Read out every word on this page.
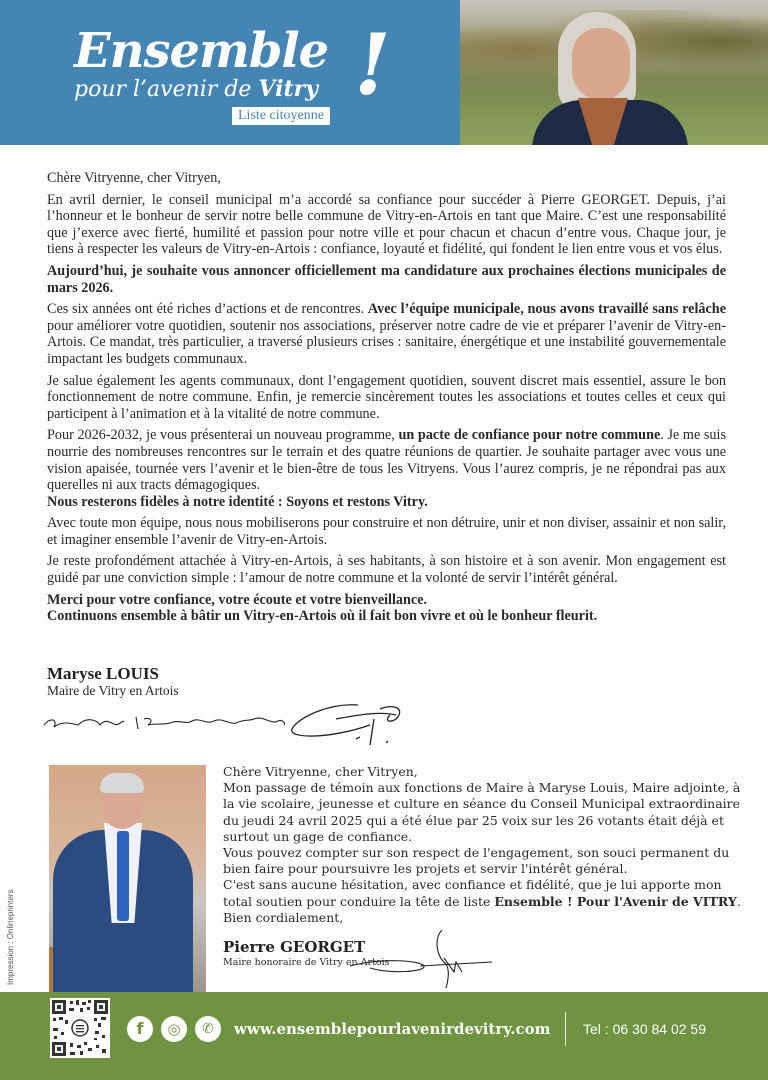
Ensemble
pour l’avenir de Vitry !
Liste citoyenne

Chère Vitryenne, cher Vitryen,

En avril dernier, le conseil municipal m’a accordé sa confiance pour succéder à Pierre GEORGET. Depuis, j’ai l’honneur et le bonheur de servir notre belle commune de Vitry-en-Artois en tant que Maire. C’est une responsabilité que j’exerce avec fierté, humilité et passion pour notre ville et pour chacun et chacun d’entre vous. Chaque jour, je tiens à respecter les valeurs de Vitry-en-Artois : confiance, loyauté et fidélité, qui fondent le lien entre vous et vos élus.

Aujourd’hui, je souhaite vous annoncer officiellement ma candidature aux prochaines élections municipales de mars 2026.

Ces six années ont été riches d’actions et de rencontres. Avec l’équipe municipale, nous avons travaillé sans relâche pour améliorer votre quotidien, soutenir nos associations, préserver notre cadre de vie et préparer l’avenir de Vitry-en-Artois. Ce mandat, très particulier, a traversé plusieurs crises : sanitaire, énergétique et une instabilité gouvernementale impactant les budgets communaux.

Je salue également les agents communaux, dont l’engagement quotidien, souvent discret mais essentiel, assure le bon fonctionnement de notre commune. Enfin, je remercie sincèrement toutes les associations et toutes celles et ceux qui participent à l’animation et à la vitalité de notre commune.

Pour 2026-2032, je vous présenterai un nouveau programme, un pacte de confiance pour notre commune. Je me suis nourrie des nombreuses rencontres sur le terrain et des quatre réunions de quartier. Je souhaite partager avec vous une vision apaisée, tournée vers l’avenir et le bien-être de tous les Vitryens. Vous l’aurez compris, je ne répondrai pas aux querelles ni aux tracts démagogiques.
Nous resterons fidèles à notre identité : Soyons et restons Vitry.

Avec toute mon équipe, nous nous mobiliserons pour construire et non détruire, unir et non diviser, assainir et non salir, et imaginer ensemble l’avenir de Vitry-en-Artois.

Je reste profondément attachée à Vitry-en-Artois, à ses habitants, à son histoire et à son avenir. Mon engagement est guidé par une conviction simple : l’amour de notre commune et la volonté de servir l’intérêt général.

Merci pour votre confiance, votre écoute et votre bienveillance.
Continuons ensemble à bâtir un Vitry-en-Artois où il fait bon vivre et où le bonheur fleurit.

Maryse LOUIS
Maire de Vitry en Artois
Impression : Onlineprinters

Chère Vitryenne, cher Vitryen,

Mon passage de témoin aux fonctions de Maire à Maryse Louis, Maire adjointe, à la vie scolaire, jeunesse et culture en séance du Conseil Municipal extraordinaire du jeudi 24 avril 2025 qui a été élue par 25 voix sur les 26 votants était déjà et surtout un gage de confiance.

Vous pouvez compter sur son respect de l'engagement, son souci permanent du bien faire pour poursuivre les projets et servir l'intérêt général.

C'est sans aucune hésitation, avec confiance et fidélité, que je lui apporte mon total soutien pour conduire la tête de liste Ensemble ! Pour l'Avenir de VITRY.

Bien cordialement,

Pierre GEORGET
Maire honoraire de Vitry en Artois
f	◎	✆	www.ensemblepourlavenirdevitry.com Tel : 06 30 84 02 59
